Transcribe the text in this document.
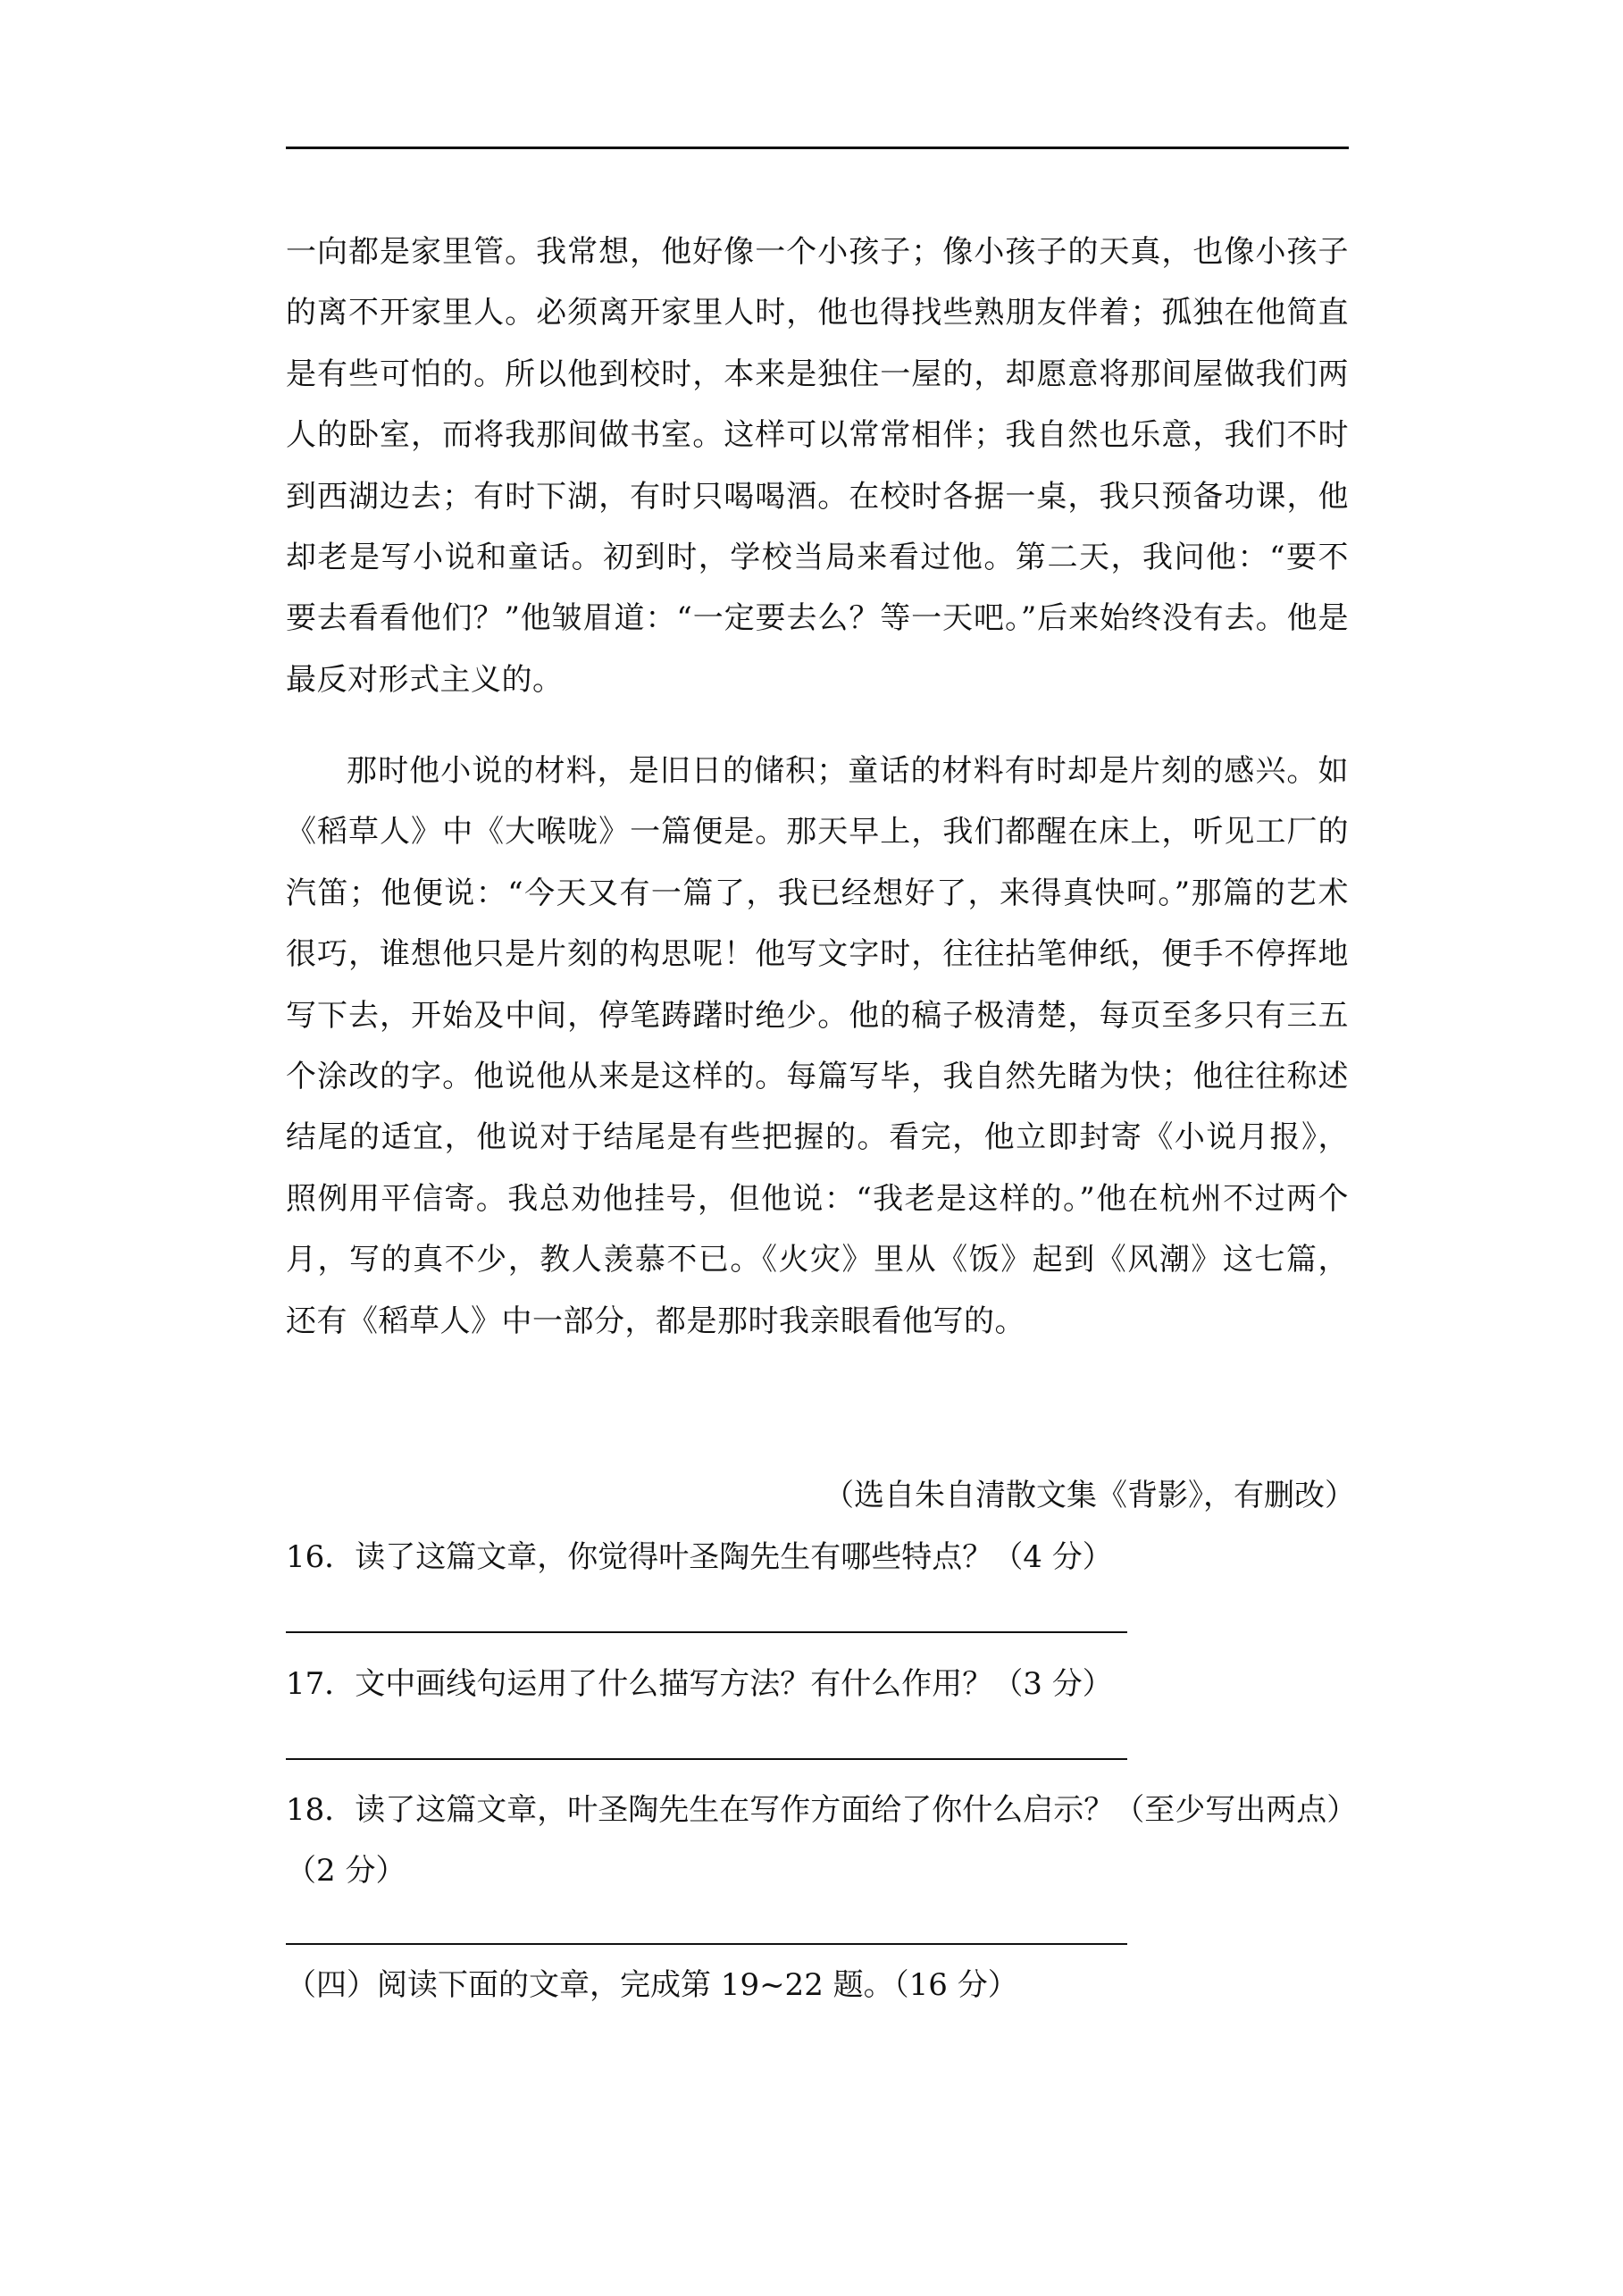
一向都是家里管。我常想，他好像一个小孩子；像小孩子的天真，也像小孩子的离不开家里人。必须离开家里人时，他也得找些熟朋友伴着；孤独在他简直是有些可怕的。所以他到校时，本来是独住一屋的，却愿意将那间屋做我们两人的卧室，而将我那间做书室。这样可以常常相伴；我自然也乐意，我们不时到西湖边去；有时下湖，有时只喝喝酒。在校时各据一桌，我只预备功课，他却老是写小说和童话。初到时，学校当局来看过他。第二天，我问他：“要不要去看看他们？”他皱眉道：“一定要去么？等一天吧。”后来始终没有去。他是最反对形式主义的。

那时他小说的材料，是旧日的储积；童话的材料有时却是片刻的感兴。如《稻草人》中《大喉咙》一篇便是。那天早上，我们都醒在床上，听见工厂的汽笛；他便说：“今天又有一篇了，我已经想好了，来得真快呵。”那篇的艺术很巧，谁想他只是片刻的构思呢！他写文字时，往往拈笔伸纸，便手不停挥地写下去，开始及中间，停笔踌躇时绝少。他的稿子极清楚，每页至多只有三五个涂改的字。他说他从来是这样的。每篇写毕，我自然先睹为快；他往往称述结尾的适宜，他说对于结尾是有些把握的。看完，他立即封寄《小说月报》，照例用平信寄。我总劝他挂号，但他说：“我老是这样的。”他在杭州不过两个月，写的真不少，教人羡慕不已。《火灾》里从《饭》起到《风潮》这七篇，还有《稻草人》中一部分，都是那时我亲眼看他写的。

（选自朱自清散文集《背影》，有删改）

16．读了这篇文章，你觉得叶圣陶先生有哪些特点？（4 分）

17．文中画线句运用了什么描写方法？有什么作用？（3 分）

18．读了这篇文章，叶圣陶先生在写作方面给了你什么启示？（至少写出两点）（2 分）

（四）阅读下面的文章，完成第 19~22 题。（16 分）
